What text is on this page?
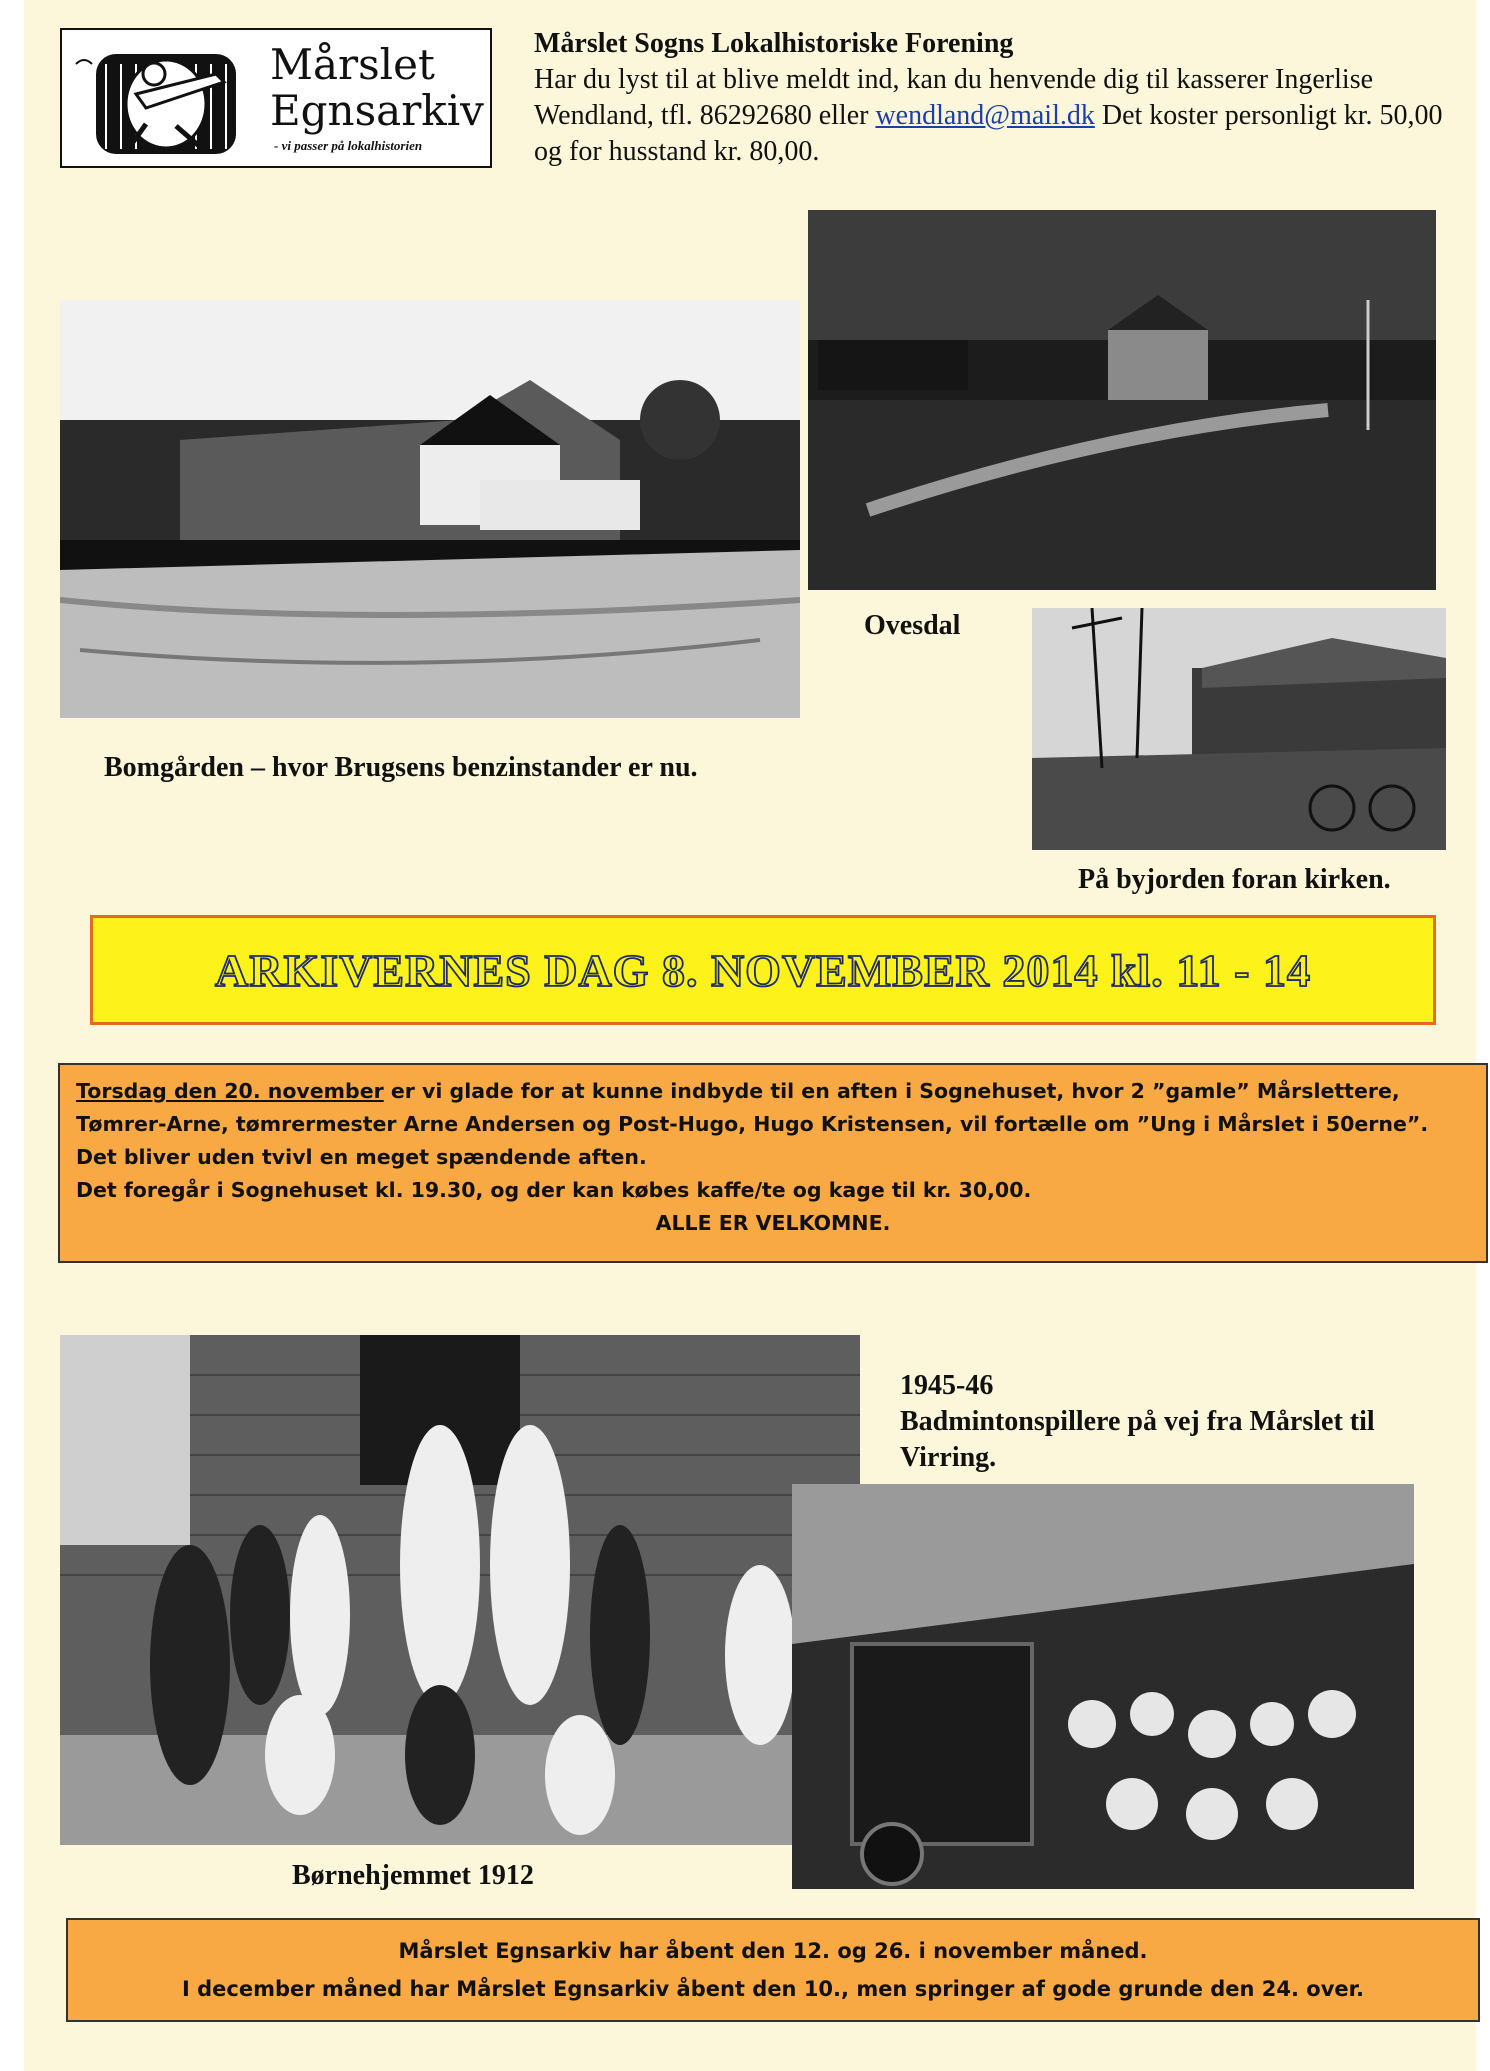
Mårslet
Egnsarkiv
- vi passer på lokalhistorien
Mårslet Sogns Lokalhistoriske Forening
Har du lyst til at blive meldt ind, kan du henvende dig til kasserer Ingerlise Wendland, tfl. 86292680 eller wendland@mail.dk Det koster personligt kr. 50,00 og for husstand kr. 80,00.
Bomgården – hvor Brugsens benzinstander er nu.
Ovesdal
På byjorden foran kirken.
ARKIVERNES DAG 8. NOVEMBER 2014 kl. 11 - 14
Torsdag den 20. november er vi glade for at kunne indbyde til en aften i Sognehuset, hvor 2 ”gamle” Mårslettere, Tømrer-Arne, tømrermester Arne Andersen og Post-Hugo, Hugo Kristensen, vil fortælle om ”Ung i Mårslet i 50erne”. Det bliver uden tvivl en meget spændende aften.
Det foregår i Sognehuset kl. 19.30, og der kan købes kaffe/te og kage til kr. 30,00.
ALLE ER VELKOMNE.
Børnehjemmet 1912
1945-46
Badmintonspillere på vej fra Mårslet til Virring.
Mårslet Egnsarkiv har åbent den 12. og 26. i november måned.
I december måned har Mårslet Egnsarkiv åbent den 10., men springer af gode grunde den 24. over.
